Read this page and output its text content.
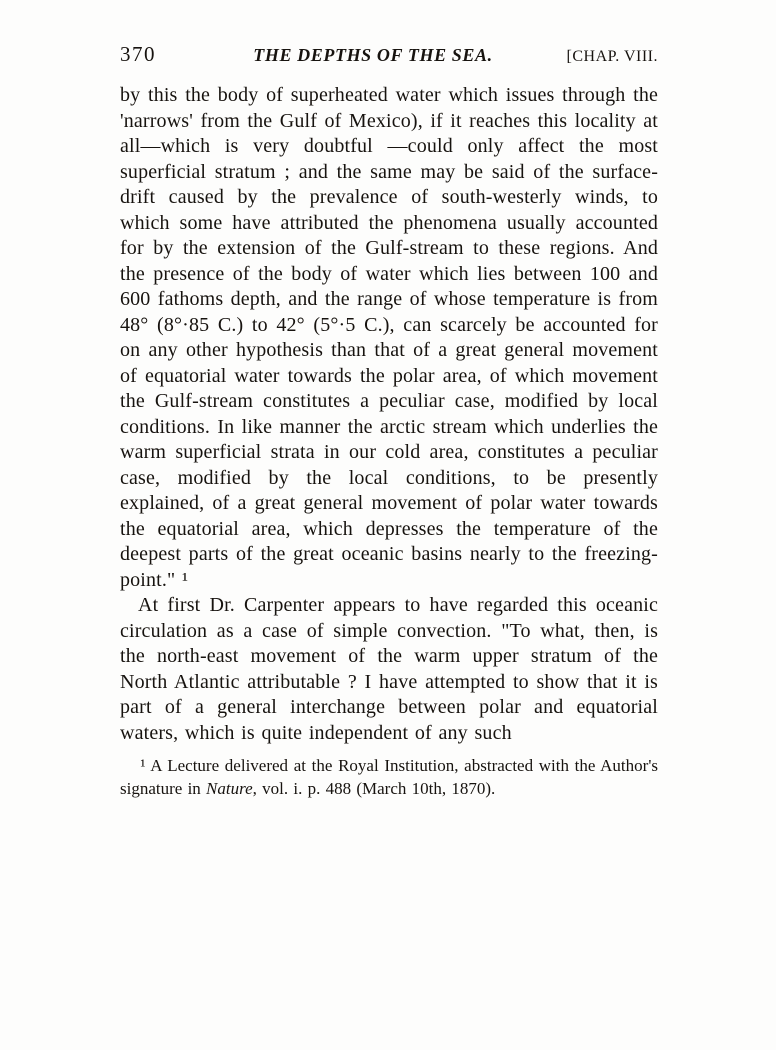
370	THE DEPTHS OF THE SEA.	[CHAP. VIII.

by this the body of superheated water which issues through the 'narrows' from the Gulf of Mexico), if it reaches this locality at all—which is very doubtful —could only affect the most superficial stratum ; and the same may be said of the surface-drift caused by the prevalence of south-westerly winds, to which some have attributed the phenomena usually accounted for by the extension of the Gulf-stream to these regions. And the presence of the body of water which lies between 100 and 600 fathoms depth, and the range of whose temperature is from 48° (8°·85 C.) to 42° (5°·5 C.), can scarcely be accounted for on any other hypothesis than that of a great general movement of equatorial water towards the polar area, of which movement the Gulf-stream constitutes a peculiar case, modified by local conditions. In like manner the arctic stream which underlies the warm superficial strata in our cold area, constitutes a peculiar case, modified by the local conditions, to be presently explained, of a great general movement of polar water towards the equatorial area, which depresses the temperature of the deepest parts of the great oceanic basins nearly to the freezing-point." ¹

At first Dr. Carpenter appears to have regarded this oceanic circulation as a case of simple convection. "To what, then, is the north-east movement of the warm upper stratum of the North Atlantic attributable ? I have attempted to show that it is part of a general interchange between polar and equatorial waters, which is quite independent of any such

¹ A Lecture delivered at the Royal Institution, abstracted with the Author's signature in Nature, vol. i. p. 488 (March 10th, 1870).
